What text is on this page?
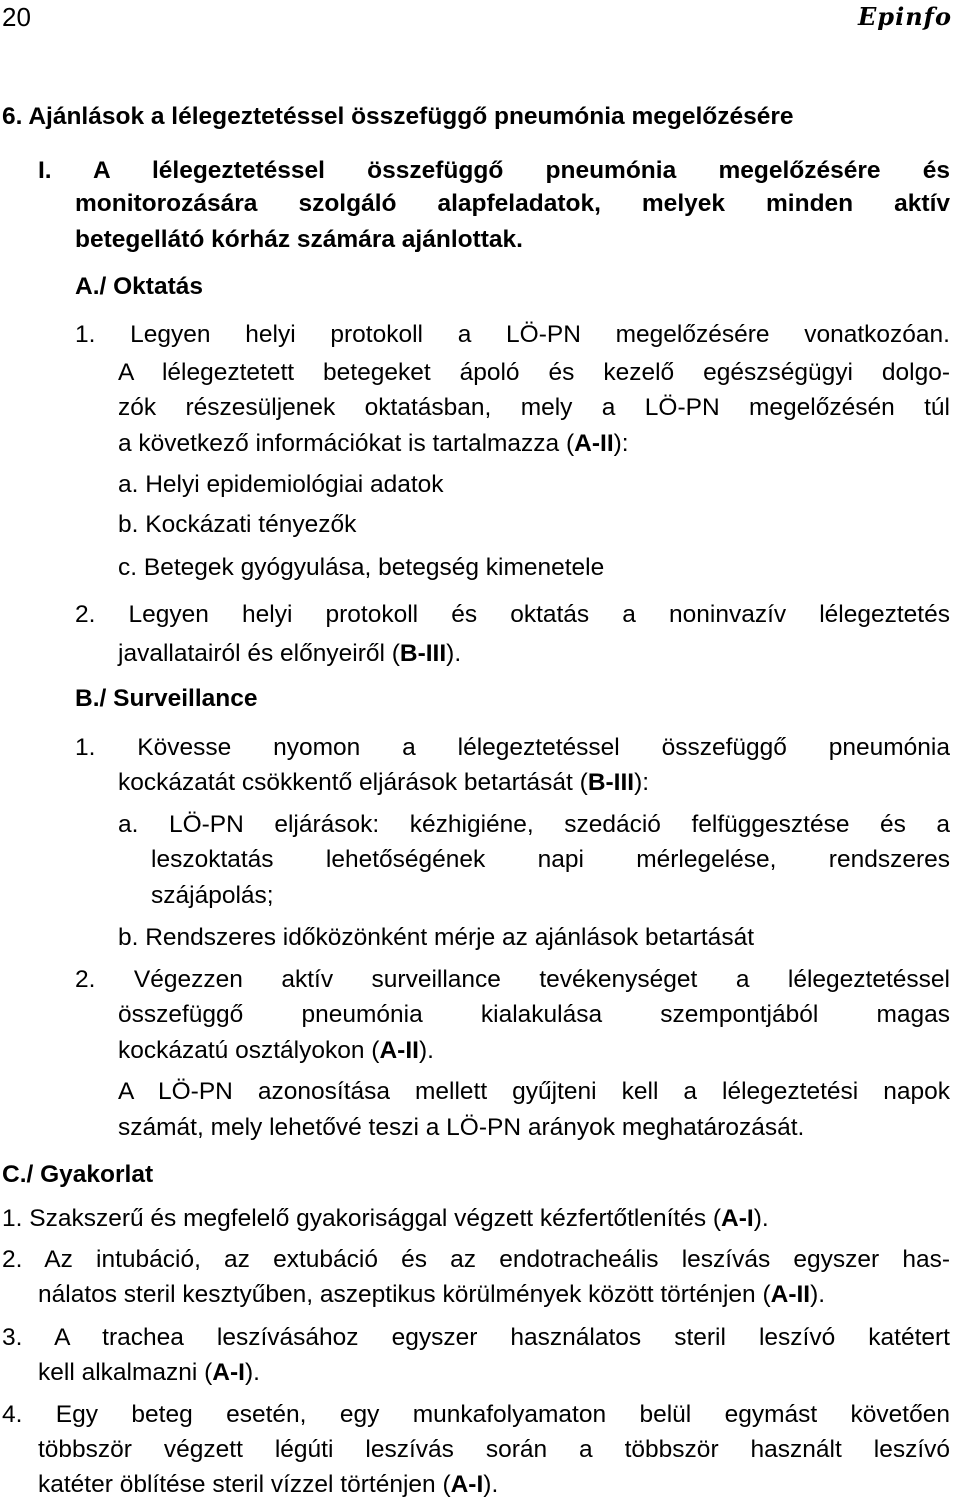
20	Epinfo
6. Ajánlások a lélegeztetéssel összefüggő pneumónia megelőzésére
I. A lélegeztetéssel összefüggő pneumónia megelőzésére és
monitorozására szolgáló alapfeladatok, melyek minden aktív
betegellátó kórház számára ajánlottak.
A./ Oktatás
1. Legyen helyi protokoll a LÖ-PN megelőzésére vonatkozóan.
A lélegeztetett betegeket ápoló és kezelő egészségügyi dolgo-
zók részesüljenek oktatásban, mely a LÖ-PN megelőzésén túl
a következő információkat is tartalmazza (A-II):
a. Helyi epidemiológiai adatok
b. Kockázati tényezők
c. Betegek gyógyulása, betegség kimenetele
2. Legyen helyi protokoll és oktatás a noninvazív lélegeztetés
javallatairól és előnyeiről (B-III).
B./ Surveillance
1. Kövesse nyomon a lélegeztetéssel összefüggő pneumónia
kockázatát csökkentő eljárások betartását (B-III):
a. LÖ-PN eljárások: kézhigiéne, szedáció felfüggesztése és a
leszoktatás lehetőségének napi mérlegelése, rendszeres
szájápolás;
b. Rendszeres időközönként mérje az ajánlások betartását
2. Végezzen aktív surveillance tevékenységet a lélegeztetéssel
összefüggő pneumónia kialakulása szempontjából magas
kockázatú osztályokon (A-II).
A LÖ-PN azonosítása mellett gyűjteni kell a lélegeztetési napok
számát, mely lehetővé teszi a LÖ-PN arányok meghatározását.
C./ Gyakorlat
1. Szakszerű és megfelelő gyakorisággal végzett kézfertőtlenítés (A-I).
2. Az intubáció, az extubáció és az endotracheális leszívás egyszer has-
nálatos steril kesztyűben, aszeptikus körülmények között történjen (A-II).
3. A trachea leszívásához egyszer használatos steril leszívó katétert
kell alkalmazni (A-I).
4. Egy beteg esetén, egy munkafolyamaton belül egymást követően
többször végzett légúti leszívás során a többször használt leszívó
katéter öblítése steril vízzel történjen (A-I).
